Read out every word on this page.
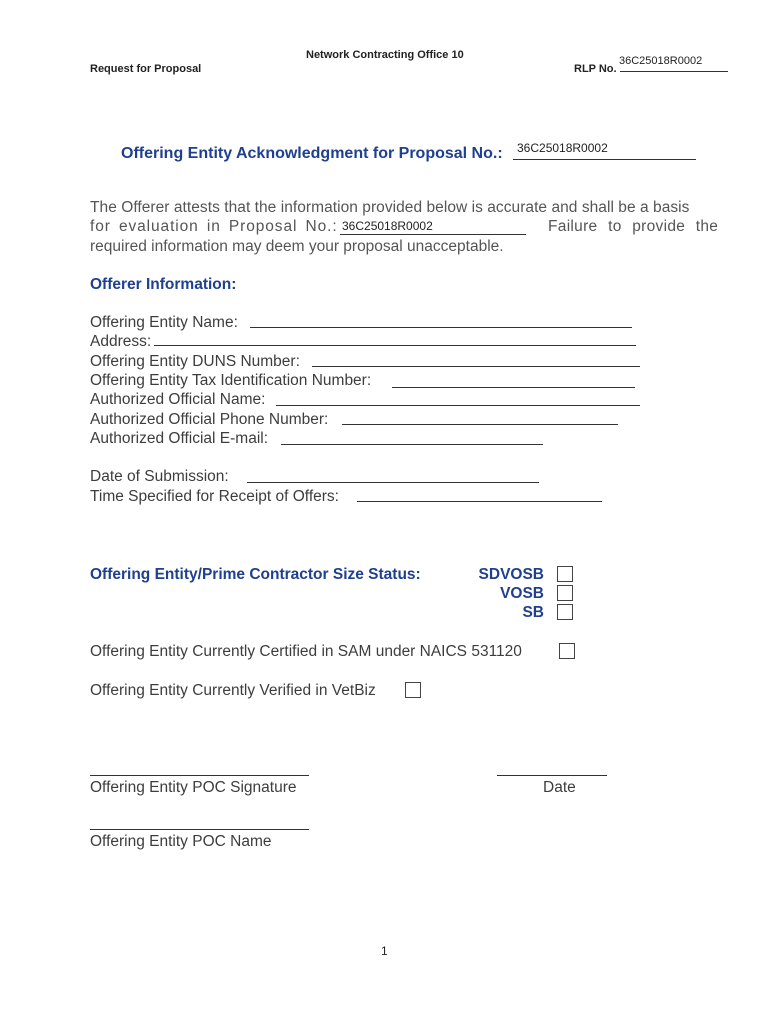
Network Contracting Office 10
Request for Proposal
36C25018R0002
RLP No.
Offering Entity Acknowledgment for Proposal No.: 36C25018R0002
The Offerer attests that the information provided below is accurate and shall be a basis
for evaluation in Proposal No.: 36C25018R0002	Failure to provide the
required information may deem your proposal unacceptable.
Offerer Information:
Offering Entity Name:
Address:
Offering Entity DUNS Number:
Offering Entity Tax Identification Number:
Authorized Official Name:
Authorized Official Phone Number:
Authorized Official E-mail:
Date of Submission:
Time Specified for Receipt of Offers:
Offering Entity/Prime Contractor Size Status:	SDVOSB
VOSB
SB
Offering Entity Currently Certified in SAM under NAICS 531120
Offering Entity Currently Verified in VetBiz
Offering Entity POC Signature	Date
Offering Entity POC Name
1
